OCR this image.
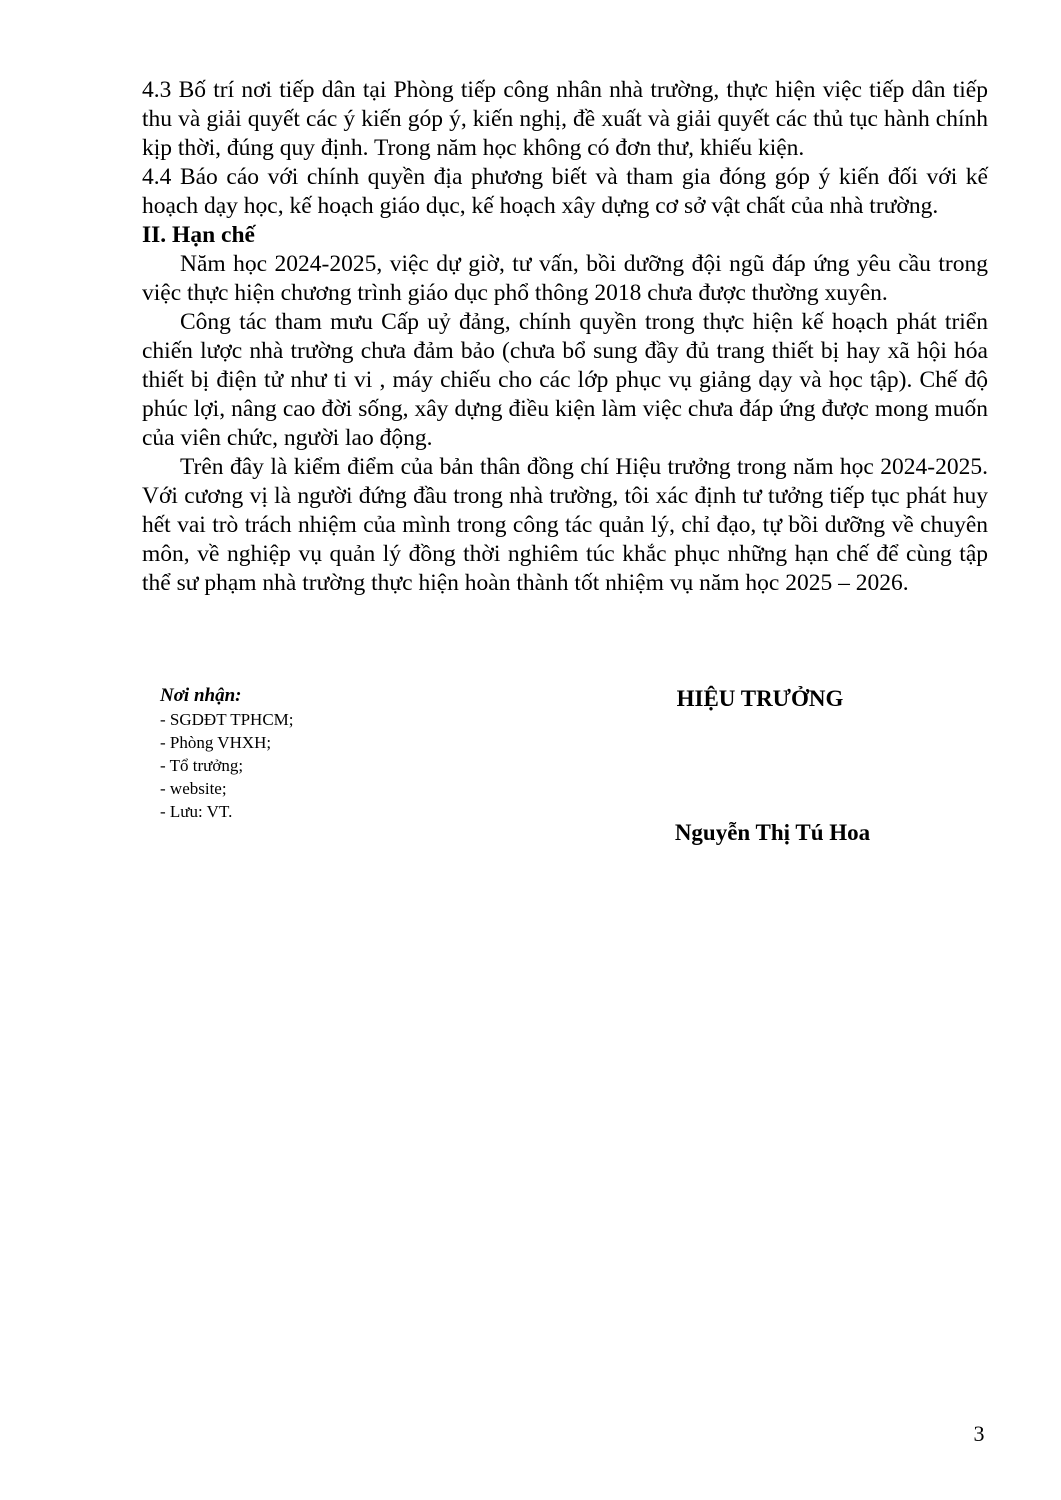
4.3 Bố trí nơi tiếp dân tại Phòng tiếp công nhân nhà trường, thực hiện việc tiếp dân tiếp thu và giải quyết các ý kiến góp ý, kiến nghị, đề xuất và giải quyết các thủ tục hành chính kịp thời, đúng quy định. Trong năm học không có đơn thư, khiếu kiện.

4.4 Báo cáo với chính quyền địa phương biết và tham gia đóng góp ý kiến đối với kế hoạch dạy học, kế hoạch giáo dục, kế hoạch xây dựng cơ sở vật chất của nhà trường.

II. Hạn chế

Năm học 2024-2025, việc dự giờ, tư vấn, bồi dưỡng đội ngũ đáp ứng yêu cầu trong việc thực hiện chương trình giáo dục phổ thông 2018 chưa được thường xuyên.

Công tác tham mưu Cấp uỷ đảng, chính quyền trong thực hiện kế hoạch phát triển chiến lược nhà trường chưa đảm bảo (chưa bổ sung đầy đủ trang thiết bị hay xã hội hóa thiết bị điện tử như ti vi , máy chiếu cho các lớp phục vụ giảng dạy và học tập). Chế độ phúc lợi, nâng cao đời sống, xây dựng điều kiện làm việc chưa đáp ứng được mong muốn của viên chức, người lao động.

Trên đây là kiểm điểm của bản thân đồng chí Hiệu trưởng trong năm học 2024-2025. Với cương vị là người đứng đầu trong nhà trường, tôi xác định tư tưởng tiếp tục phát huy hết vai trò trách nhiệm của mình trong công tác quản lý, chỉ đạo, tự bồi dưỡng về chuyên môn, về nghiệp vụ quản lý đồng thời nghiêm túc khắc phục những hạn chế để cùng tập thể sư phạm nhà trường thực hiện hoàn thành tốt nhiệm vụ năm học 2025 – 2026.

Nơi nhận:
- SGDĐT TPHCM;
- Phòng VHXH;
- Tổ trưởng;
- website;
- Lưu: VT.
HIỆU TRƯỞNG
Nguyễn Thị Tú Hoa
3
